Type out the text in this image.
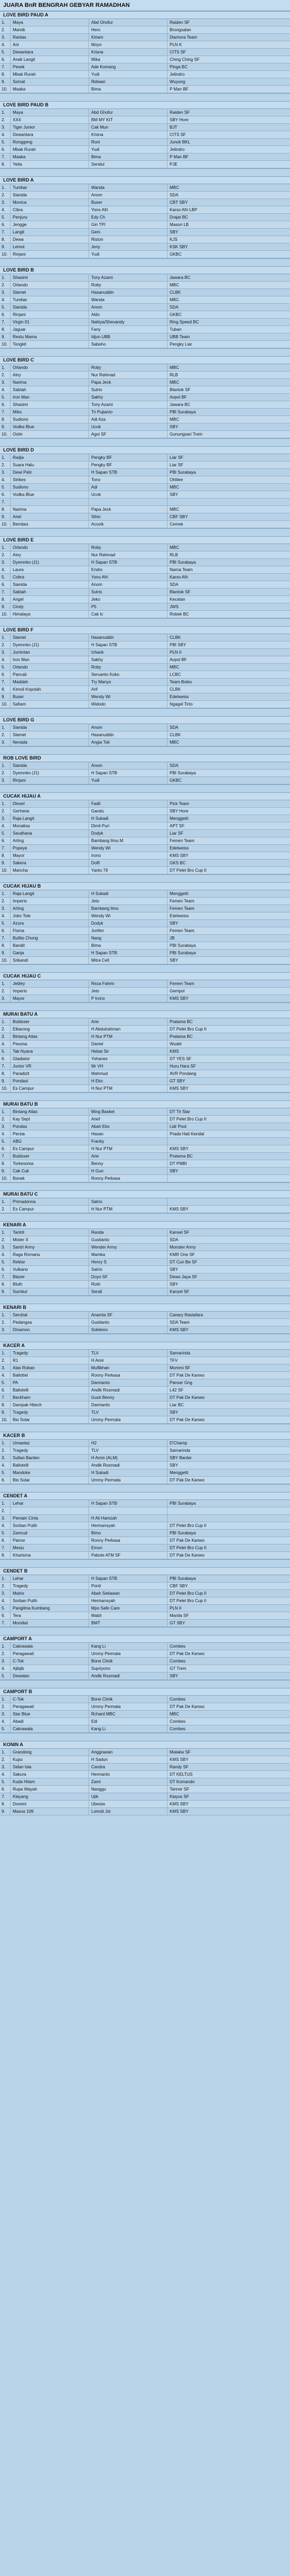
JUARA BnR BENGRAH GEBYAR RAMADHAN
LOVE BIRD PAUD A
1.	Maya	Abd Ghofur	Raiden SF
2.	Mamik	Hero	Brongsalan
3.	Rantas	Kiriam	Diamora Team
4.	Ani	Moyo	PLN K
5.	Dewantara	Krisna	CITS SF
6.	Anak Langit	Mika	Ching Ching SF
7.	Pesek	Ade Komang	Pinga BC
8.	Mbak Rurah	Yudi	Jelindro
9.	Somat	Ridwan	Wuyung
10.	Maaka	Bima	P Man BF
LOVE BIRD PAUD B
1.	Maya	Abd Ghofur	Raiden SF
2.	XXX	BM MY KIT	SBY Hore
3.	Tiger Junior	Cak Mun	BJT
4.	Dewantara	Krisna	CITS SF
5.	Ronggeng	Roni	Junok BKL
6.	Mbak Rurah	Yudi	Jelindro
7.	Maaka	Bima	P Man BF
8.	Yeita	Sendul	PJE
LOVE BIRD A
1.	Tumbar	Wanda	MBC
2.	Sianida	Anom	SDA
3.	Monica	Buser	CBT SBY
4.	Cibra	Yono Afri	Karso Afri LBP
5.	Penjuru	Edy Ch	Drajat BC
6.	Jengge	Giri TPI	Mason LB
7.	Langit	Geni	SBY
8.	Dewa	Riston	KJS
9.	Lemot	Jeny	KSK SBY
10.	Rinjani	Yudi	GKBC
LOVE BIRD B
1.	Shasimi	Tony Azami	Jawara BC
2.	Orlando	Roby	MBC
3.	Slamet	Hasanuddin	CLBK
4.	Tumbar	Wanda	MBC
5.	Sianida	Anom	SDA
6.	Rinjani	Aldo	GKBC
7.	Virgin 01	Nahiya/Shevandy	Ring Speed BC
8.	Jaguar	Fany	Tuban
9.	Restu Mama	Idjun UBB	UBB Team
10.	Tongkit	Sabeho	Pengky Liar
LOVE BIRD C
1.	Orlando	Roby	MBC
2.	Ainy	Nur Rahmad	RLB
3.	Narima	Papa Jeck	MBC
4.	Sabtah	Sutris	Blantok SF
5.	Iron Man	Sakhy	Avpol BF
6.	Shasimi	Tony Azami	Jawara BC
7.	Miko	Tri Pujianto	PBI Surabaya
8.	Sudiono	Adi Aza	MBC
9.	Vodka Blue	Ucok	SBY
10.	Ostin	Agoi SF	Gunungsari Trem
LOVE BIRD D
1.	Radja	Pengky BF	Liar SF
2.	Suara Halu	Pengky BF	Liar SF
3.	Dewi Pelir	H Sapan STB	PBI Surabaya
4.	Strikes	Tono	Ohlilee
5.	Sudiono	Adi	MBC
6.	Vodka Blue	Ucok	SBY
7.
8.	Narima	Papa Jeck	MBC
9.	Ariel	Sihin	CBF SBY
10.	Bembes	Acovik	Cemek
LOVE BIRD E
1.	Orlando	Roby	MBC
2.	Ainy	Nur Rahmad	RLB
3.	Dyemnko (J1)	H Sapan STB	PBI Surabaya
4.	Laura	Endro	Narna Team
5.	Cobra	Yono Afri	Karso Afri
6.	Sianida	Anom	SDA
7.	Sabtah	Sutris	Blantok SF
8.	Angel	Jeko	Kecatan
9.	Cindy	P5	JWS
10.	Himalaya	Cak Ic	Robek BC
LOVE BIRD F
1.	Slamet	Hasanuddin	CLBK
2.	Dyemnko (J1)	H Sapan STB	PBI SBY
3.	Jumintan	Ichank	PLN II
4.	Iron Man	Sakhy	Avpol BF
5.	Orlando	Roby	MBC
6.	Pancali	Seruanto Koko	LCBC
7.	Maddah	Try Manyo	Team Boles
8.	Kimoli Kopolah	Arif	CLBK
9.	Buser	Wendy Wi	Edelweiss
10.	Safiam	Widodo	Ngagel Tirto
LOVE BIRD G
1.	Sianida	Anom	SDA
2.	Slamet	Hasanuddin	CLBK
3.	Nevada	Angia Tok	MBC
ROB LOVE BIRD
1.	Sianida	Anom	SDA
2.	Dyemnko (J1)	H Sapan STB	PBI Surabaya
3.	Rinjani	Yudi	GKBC
CUCAK HIJAU A
1.	Diesel	Fadil	Pick Team
2.	Gerhana	Gandu	SBY Hore
3.	Raja Langit	H Sukadi	Menggetti
4.	Monalisa	Dimil Puri	APT SF
5.	Seudhana	Dodyk	Liar SF
6.	Arting	Bambang Ilmu M	Femen Team
7.	Popeye	Wendy Wi	Edelweiss
8.	Mayor	Irono	KMS SBY
9.	Sakera	Dolfi	GKS BC
10.	Mancha	Yanto 79	DT Pelet Bro Cup II
CUCAK HIJAU B
1.	Raja Langit	H Sukadi	Menggetti
2.	Imperio	Jeto	Femen Team
3.	Arting	Bambang Ilmu	Femen Team
4.	Joko Tole	Wendy Wi	Edelweiss
5.	Azura	Dodyk	SBY
6.	Fisma	Jonfen	Femen Team
7.	Bulltio Chong	Nang	JB
8.	Bandit	Bima	PBI Surabaya
9.	Ganja	H Sapan STB	PBI Surabaya
10.	Srikandi	Mitra Cell	SBY
CUCAK HIJAU C
1.	Jebley	Reza Fahmi	Femen Team
2.	Imperio	Jeto	Gempol
3.	Mayor	P Irono	KMS SBY
MURAI BATU A
1.	Buldoser	Arie	Pratama BC
2.	Elbarong	H Abdulrahman	DT Pelet Bro Cup II
3.	Bintang Atlas	H Nur PTM	Pratama BC
4.	Pesona	Daniel	Wudel
5.	Tak Nyana	Hebat Sir	KMS
6.	Gladiator	Yohanes	DT YES SF
7.	Junior VR	Mr VH	Huru Hara SF
8.	Paradizit	Mahmud	AVR Pondang
9.	Pondasi	H Eko	GT SBY
10.	Es Campur	H Nur PTM	KMS SBY
MURAI BATU B
1.	Bintang Atlas	Ming Basket	DT Tri Star
2.	Kay Sept	Arief	DT Pelet Bro Cup II
3.	Pondas	Abah Eko	Lidr Pool
4.	Persia	Hasan	Prada Hati Kendal
5.	ABG	Franky
6.	Es Campur	H Nur PTM	KMS SBY
7.	Buldoser	Arie	Pratama BC
8.	Torkesoma	Benny	DT PMBI
9.	Cak Cuk	H Gun	SBY
10.	Bonek	Ronny Perkasa
MURAI BATU C
1.	Primadonna	Satrio
2.	Es Campur	H Nur PTM	KMS SBY
KENARI A
1.	Tantrit	Randa	Kansel SF
2.	Mister X	Gustianto	SDA
3.	Santri Army	Wender Army	Monster Army
4.	Raga Romanu	Mamka	KMR One SF
5.	Rektor	Henry S	DT Cun Be SF
6.	Vulkano	Satrio	SBY
7.	Blazer	Doyo SF	Dewo Jaya SF
8.	Bluth	Rizki	SBY
9.	Sumbul	Sendi	Kanzel SF
KENARI B
1.	Seruhal	Anamta SF	Canary Rastafara
2.	Pedangsa	Gustianto	SDA Team
3.	Dinamon	Soleleno	KMS SBY
KACER A
1.	Tragedy	TLV	Samarinda
2.	R1	H Amir	TFV
3.	Alas Roban	Muflikhan	Mommi SF
4.	Ballottel	Ronny Perkasa	DT Pak De Kanwo
5.	PA	Darmanto	Panser Gng
6.	Ballotelli	Andik Rosmadi	L42 SF
7.	Beckham	Gusti Benny	DT Pak De Kanwo
8.	Dampak Hitech	Darmanto	Liar BC
9.	Tragedy	TLV	SBY
10.	Bio Solar	Ummy Permata	DT Pak De Kanwo
KACER B
1.	Umaetaz	H2	D'Champ
2.	Tragedy	TLV	Samarinda
3.	Sultan Banten	H Amin (ALM)	SBY Banter
4.	Ballotelli	Andik Rosmadi	SBY
5.	Mandoke	H Sukadi	Menggetti
6.	Bio Solar	Ummy Permata	DT Pak De Kanwo
CENDET A
1.	Lehar	H Sapan STB	PBI Surabaya
2.
3.	Pemain Cinta	H Ali Hamzah
4.	Sorban Putih	Hermansyah	DT Pelet Bro Cup II
5.	Zamrud	Bimo	PBI Surabaya
6.	Pamor	Ronny Perkasa	DT Pak De Kanwo
7.	Mesiu	Emon	DT Pelet Bro Cup II
8.	Kharisma	Pabole ATM SF	DT Pak De Kanwo
CENDET B
1.	Lehar	H Sapan STB	PBI Surabaya
2.	Tragedy	Ponti	CBF SBY
3.	Matrix	Abah Setiawan	DT Pelet Bro Cup II
4.	Sorban Putih	Hermansyah	DT Pelet Bro Cup II
5.	Pangilma Kumbang	Mpo Safe Care	PLN II
6.	Tera	Mabil	Manila SF
7.	Mondiat	BMT	GT SBY
CAMPORT A
1.	Cakrawala	Kang Li	Combes
2.	Peragawati	Ummy Permata	DT Pak De Kanwo
3.	C-Tok	Bone Clinik	Combes
4.	Ajibjib	Supriyono	GT Trem
5.	Dewatan	Andik Rosmadi	SBY
CAMPORT B
1.	C-Tok	Bone Clinik	Combes
2.	Peragawati	Ummy Permata	DT Pak De Kanwo
3.	Star Blue	Rchard MBC	MBC
4.	Abadi	Edi	Combes
5.	Cakrawala	Kang Li	Combes
KONIN A
1.	Grandong	Anggrawan	Malakw SF
2.	Kupu	H Sadun	KMS SBY
3.	Sidan Isla	Candra	Randy SF
4.	Sakura	Hermanto	DT KELTUS
5.	Kuda Hitam	Zami	DT Komando
6.	Rupa Wayah	Nanggu	Tanner SF
7.	Klayang	Ujik	Klayus SF
8.	Doremi	Ubesiw	KMS SBY
9.	Maxus 109	Lomoti Joi	KMS SBY
